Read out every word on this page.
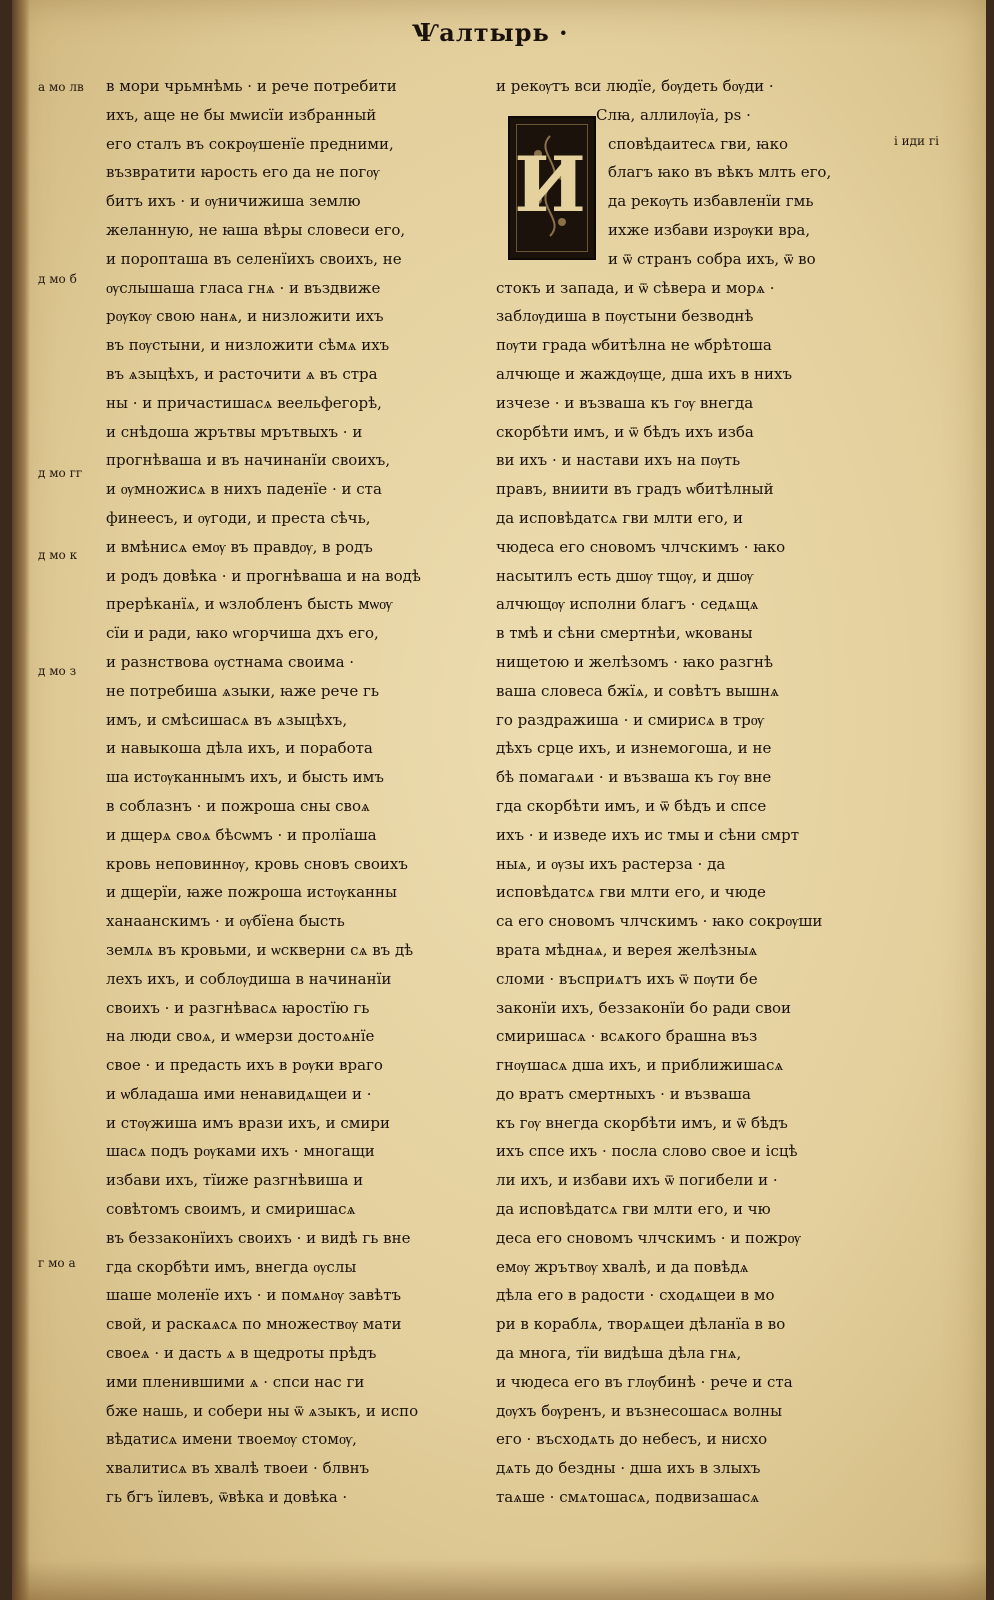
Ѱалтырь ·
в мори чрьмнѣмь · и рече потребити
ихъ, аще не бы мѡисїи избранный
его сталъ въ сокрѹшенїе предними,
възвратити ꙗрость его да не погѹ
битъ ихъ · и ѹничижиша землю
желанную, не ꙗша вѣры словеси его,
и поропташа въ селенїихъ своихъ, не
ѹслышаша гласа гнѧ · и въздвиже
рѹкѹ свою нанѧ, и низложити ихъ
въ пѹстыни, и низложити сѣмѧ ихъ
въ ѧзыцѣхъ, и расточити ѧ въ стра
ны · и причастишасѧ веельфегорѣ,
и снѣдоша жрътвы мрътвыхъ · и
прогнѣваша и въ начинанїи своихъ,
и ѹмножисѧ в нихъ паденїе · и ста
финеесъ, и ѹгоди, и преста сѣчь,
и вмѣнисѧ емѹ въ правдѹ, в родъ
и родъ довѣка · и прогнѣваша и на водѣ
прерѣканїѧ, и ѡзлобленъ бысть мѡѹ
сїи и ради, ꙗко ѡгорчиша дхъ его,
и разнствова ѹстнама своима ·
не потребиша ѧзыки, ꙗже рече гь
имъ, и смѣсишасѧ въ ѧзыцѣхъ,
и навыкоша дѣла ихъ, и поработа
ша истѹканнымъ ихъ, и бысть имъ
в соблазнъ · и пожроша сны своѧ
и дщерѧ своѧ бѣсѡмъ · и пролїаша
кровь неповиннѹ, кровь сновъ своихъ
и дщерїи, ꙗже пожроша истѹканны
ханаанскимъ · и ѹбїена бысть
землѧ въ кровьми, и ѡскверни сѧ въ дѣ
лехъ ихъ, и соблѹдиша в начинанїи
своихъ · и разгнѣвасѧ ꙗростїю гь
на люди своѧ, и ѡмерзи достоѧнїе
свое · и предасть ихъ в рѹки враго
и ѡбладаша ими ненавидѧщеи и ·
и стѹжиша имъ врази ихъ, и смири
шасѧ подъ рѹками ихъ · многащи
избави ихъ, тїиже разгнѣвиша и
совѣтомъ своимъ, и смиришасѧ
въ беззаконїихъ своихъ · и видѣ гь вне
гда скорбѣти имъ, внегда ѹслы
шаше моленїе ихъ · и помѧнѹ завѣтъ
свой, и раскаѧсѧ по множествѹ мати
своеѧ · и дасть ѧ в щедроты прѣдъ
ими пленившими ѧ · спси нас ги
бже нашь, и собери ны ѿ ѧзыкъ, и испо
вѣдатисѧ имени твоемѹ стомѹ,
хвалитисѧ въ хвалѣ твоеи · блвнъ
гь бгъ їилевъ, ѿвѣка и довѣка ·
и рекѹтъ вси людїе, бѹдеть бѹди ·
Слꙗ, аллилѹїа, рѕ ·
сповѣдаитесѧ гви, ꙗко
благъ ꙗко въ вѣкъ млть его,
да рекѹть избавленїи гмь
ихже избави изрѹки вра,
и ѿ странъ собра ихъ, ѿ во
стокъ и запада, и ѿ сѣвера и морѧ ·
заблѹдиша в пѹстыни безводнѣ
пѹти града ѡбитѣлна не ѡбрѣтоша
алчюще и жаждѹще, дша ихъ в нихъ
изчезе · и възваша къ гѹ внегда
скорбѣти имъ, и ѿ бѣдъ ихъ изба
ви ихъ · и настави ихъ на пѹть
правъ, вниити въ градъ ѡбитѣлный
да исповѣдатсѧ гви млти его, и
чюдеса его сновомъ члчскимъ · ꙗко
насытилъ есть дшѹ тщѹ, и дшѹ
алчющѹ исполни благъ · седѧщѧ
в тмѣ и сѣни смертнѣи, ѡкованы
нищетою и желѣзомъ · ꙗко разгнѣ
ваша словеса бжїѧ, и совѣтъ вышнѧ
го раздражиша · и смирисѧ в трѹ
дѣхъ срце ихъ, и изнемогоша, и не
бѣ помагаѧи · и възваша къ гѹ вне
гда скорбѣти имъ, и ѿ бѣдъ и спсе
ихъ · и изведе ихъ ис тмы и сѣни смрт
ныѧ, и ѹзы ихъ растерза · да
исповѣдатсѧ гви млти его, и чюде
са его сновомъ члчскимъ · ꙗко сокрѹши
врата мѣднаѧ, и верея желѣзныѧ
сломи · въсприѧтъ ихъ ѿ пѹти бе
законїи ихъ, беззаконїи бо ради свои
смиришасѧ · всѧкого брашна въз
гнѹшасѧ дша ихъ, и приближишасѧ
до вратъ смертныхъ · и възваша
къ гѹ внегда скорбѣти имъ, и ѿ бѣдъ
ихъ спсе ихъ · посла слово свое и ісцѣ
ли ихъ, и избави ихъ ѿ погибели и ·
да исповѣдатсѧ гви млти его, и чю
деса его сновомъ члчскимъ · и пожрѹ
емѹ жрътвѹ хвалѣ, и да повѣдѧ
дѣла его в радости · сходѧщеи в мо
ри в кораблѧ, творѧщеи дѣланїа в во
да многа, тїи видѣша дѣла гнѧ,
и чюдеса его въ глѹбинѣ · рече и ста
дѹхъ бѹренъ, и възнесошасѧ волны
его · въсходѧть до небесъ, и нисхо
дѧть до бездны · дша ихъ в злыхъ
таѧше · смѧтошасѧ, подвизашасѧ
И
а мо лв
д мо б
д мо гг
д мо к
д мо з
г мо а
i иди гі
